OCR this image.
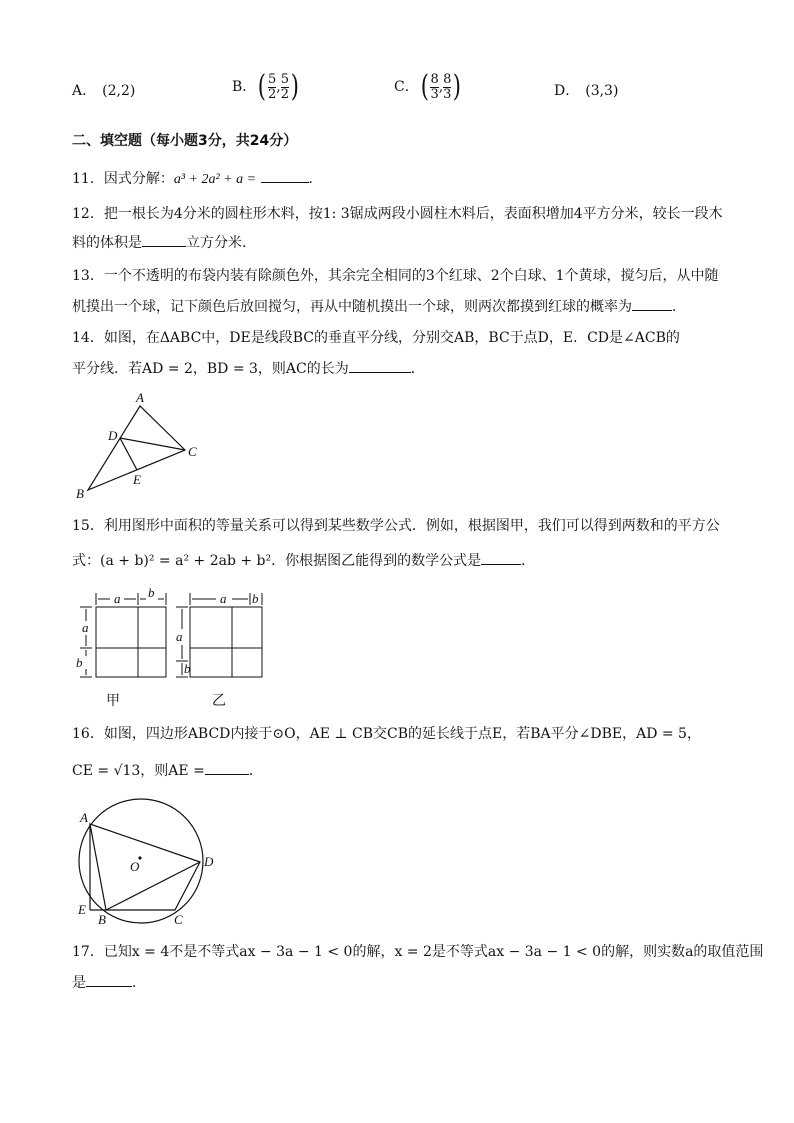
A． (2,2)	B． ( $\frac{5}{2}$ , $\frac{5}{2}$ )	C． ( $\frac{8}{3}$ , $\frac{8}{3}$ )	D． (3,3)
二、填空题（每小题3分，共24分）
11．因式分解：a³ + 2a² + a =	．
12．把一根长为4分米的圆柱形木料，按1: 3锯成两段小圆柱木料后，表面积增加4平方分米，较长一段木
料的体积是	立方分米．
13．一个不透明的布袋内装有除颜色外，其余完全相同的3个红球、2个白球、1个黄球，搅匀后，从中随
机摸出一个球，记下颜色后放回搅匀，再从中随机摸出一个球，则两次都摸到红球的概率为	．
14．如图，在ΔABC中，DE是线段BC的垂直平分线，分别交AB，BC于点D，E．CD是∠ACB的
平分线．若AD = 2，BD = 3，则AC的长为	．
A
D
C
E
B
15．利用图形中面积的等量关系可以得到某些数学公式．例如，根据图甲，我们可以得到两数和的平方公
式：(a + b)² = a² + 2ab + b²．你根据图乙能得到的数学公式是	．
a b
a
b
甲
a b
a
b
乙
16．如图，四边形ABCD内接于⊙O，AE ⊥ CB交CB的延长线于点E，若BA平分∠DBE，AD = 5，
CE = √13，则AE =	．
A
O	D
E
B	C
17．已知x = 4不是不等式ax − 3a − 1 < 0的解，x = 2是不等式ax − 3a − 1 < 0的解，则实数a的取值范围
是	．
